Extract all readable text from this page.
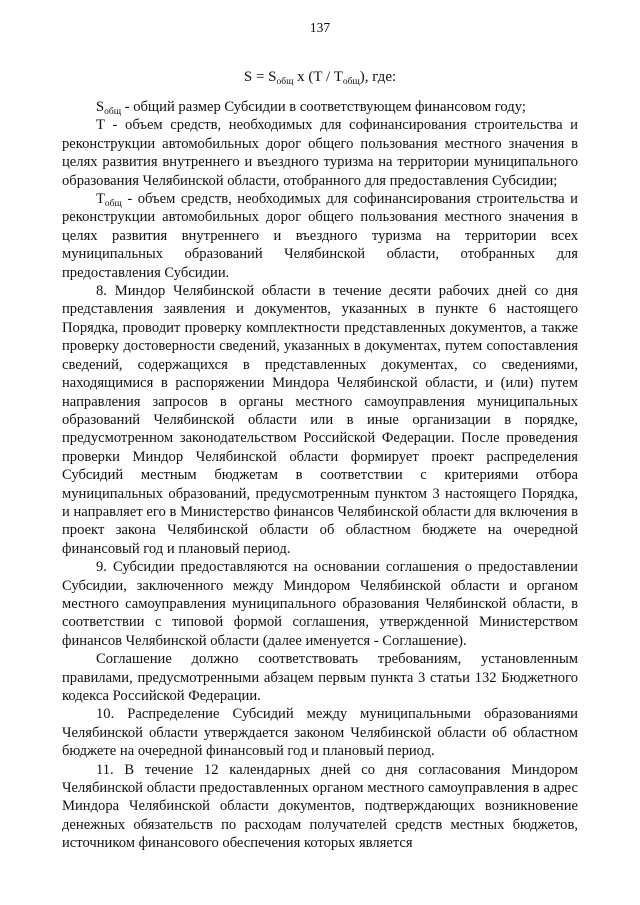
137
$S = S_{общ}$ x $(T / T_{общ})$, где:

$S_{общ}$ - общий размер Субсидии в соответствующем финансовом году;

Т - объем средств, необходимых для софинансирования строительства и реконструкции автомобильных дорог общего пользования местного значения в целях развития внутреннего и въездного туризма на территории муниципального образования Челябинской области, отобранного для предоставления Субсидии;

$T_{общ}$ - объем средств, необходимых для софинансирования строительства и реконструкции автомобильных дорог общего пользования местного значения в целях развития внутреннего и въездного туризма на территории всех муниципальных образований Челябинской области, отобранных для предоставления Субсидии.

8. Миндор Челябинской области в течение десяти рабочих дней со дня представления заявления и документов, указанных в пункте 6 настоящего Порядка, проводит проверку комплектности представленных документов, а также проверку достоверности сведений, указанных в документах, путем сопоставления сведений, содержащихся в представленных документах, со сведениями, находящимися в распоряжении Миндора Челябинской области, и (или) путем направления запросов в органы местного самоуправления муниципальных образований Челябинской области или в иные организации в порядке, предусмотренном законодательством Российской Федерации. После проведения проверки Миндор Челябинской области формирует проект распределения Субсидий местным бюджетам в соответствии с критериями отбора муниципальных образований, предусмотренным пунктом 3 настоящего Порядка, и направляет его в Министерство финансов Челябинской области для включения в проект закона Челябинской области об областном бюджете на очередной финансовый год и плановый период.

9. Субсидии предоставляются на основании соглашения о предоставлении Субсидии, заключенного между Миндором Челябинской области и органом местного самоуправления муниципального образования Челябинской области, в соответствии с типовой формой соглашения, утвержденной Министерством финансов Челябинской области (далее именуется - Соглашение).

Соглашение должно соответствовать требованиям, установленным правилами, предусмотренными абзацем первым пункта 3 статьи 132 Бюджетного кодекса Российской Федерации.

10. Распределение Субсидий между муниципальными образованиями Челябинской области утверждается законом Челябинской области об областном бюджете на очередной финансовый год и плановый период.

11. В течение 12 календарных дней со дня согласования Миндором Челябинской области предоставленных органом местного самоуправления в адрес Миндора Челябинской области документов, подтверждающих возникновение денежных обязательств по расходам получателей средств местных бюджетов, источником финансового обеспечения которых является
